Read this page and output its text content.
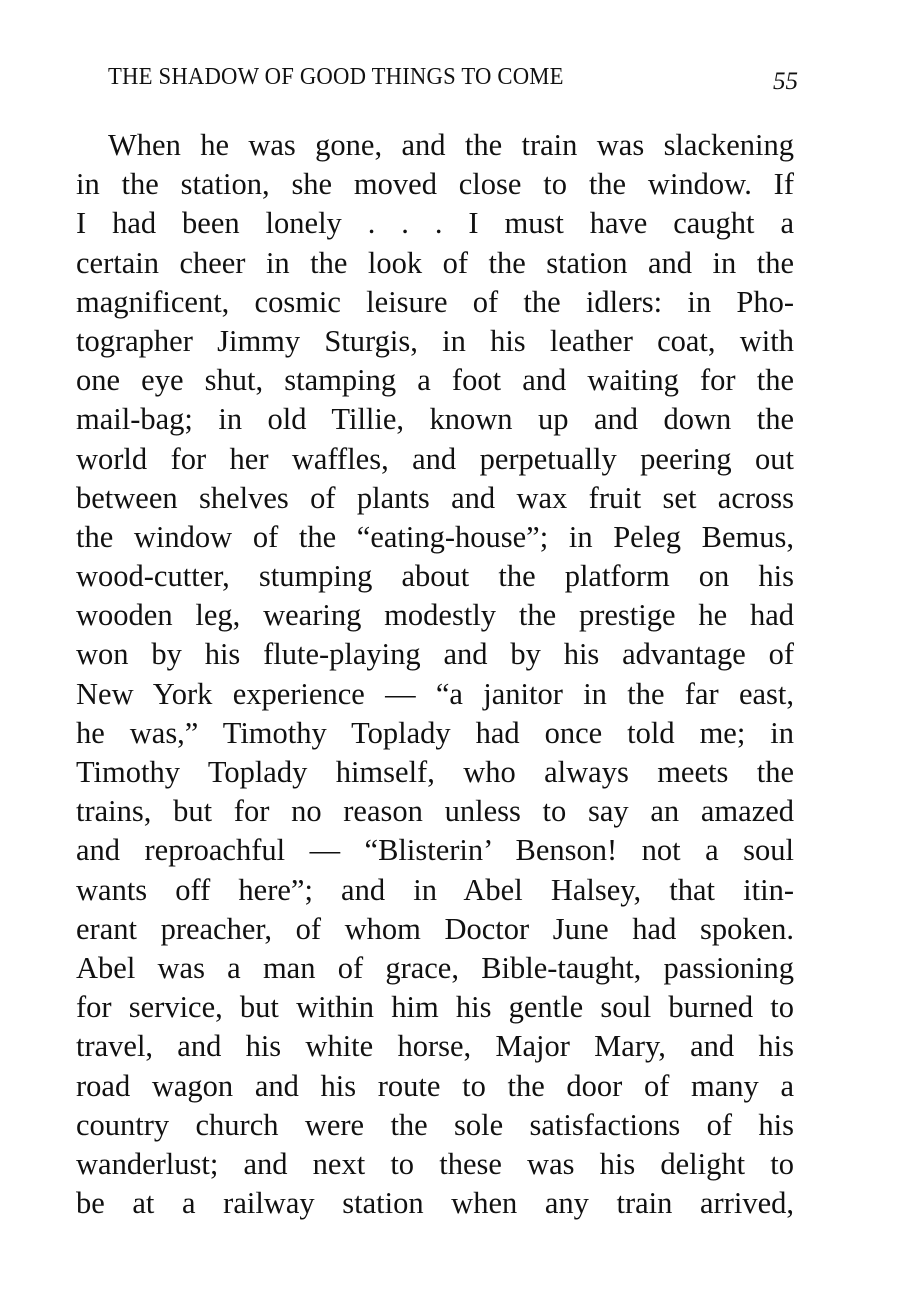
THE SHADOW OF GOOD THINGS TO COME	55
When he was gone, and the train was slackening
in the station, she moved close to the window. If
I had been lonely . . . I must have caught a
certain cheer in the look of the station and in the
magnificent, cosmic leisure of the idlers: in Pho-
tographer Jimmy Sturgis, in his leather coat, with
one eye shut, stamping a foot and waiting for the
mail-bag; in old Tillie, known up and down the
world for her waffles, and perpetually peering out
between shelves of plants and wax fruit set across
the window of the “eating-house”; in Peleg Bemus,
wood-cutter, stumping about the platform on his
wooden leg, wearing modestly the prestige he had
won by his flute-playing and by his advantage of
New York experience — “a janitor in the far east,
he was,” Timothy Toplady had once told me; in
Timothy Toplady himself, who always meets the
trains, but for no reason unless to say an amazed
and reproachful — “Blisterin’ Benson! not a soul
wants off here”; and in Abel Halsey, that itin-
erant preacher, of whom Doctor June had spoken.
Abel was a man of grace, Bible-taught, passioning
for service, but within him his gentle soul burned to
travel, and his white horse, Major Mary, and his
road wagon and his route to the door of many a
country church were the sole satisfactions of his
wanderlust; and next to these was his delight to
be at a railway station when any train arrived,
